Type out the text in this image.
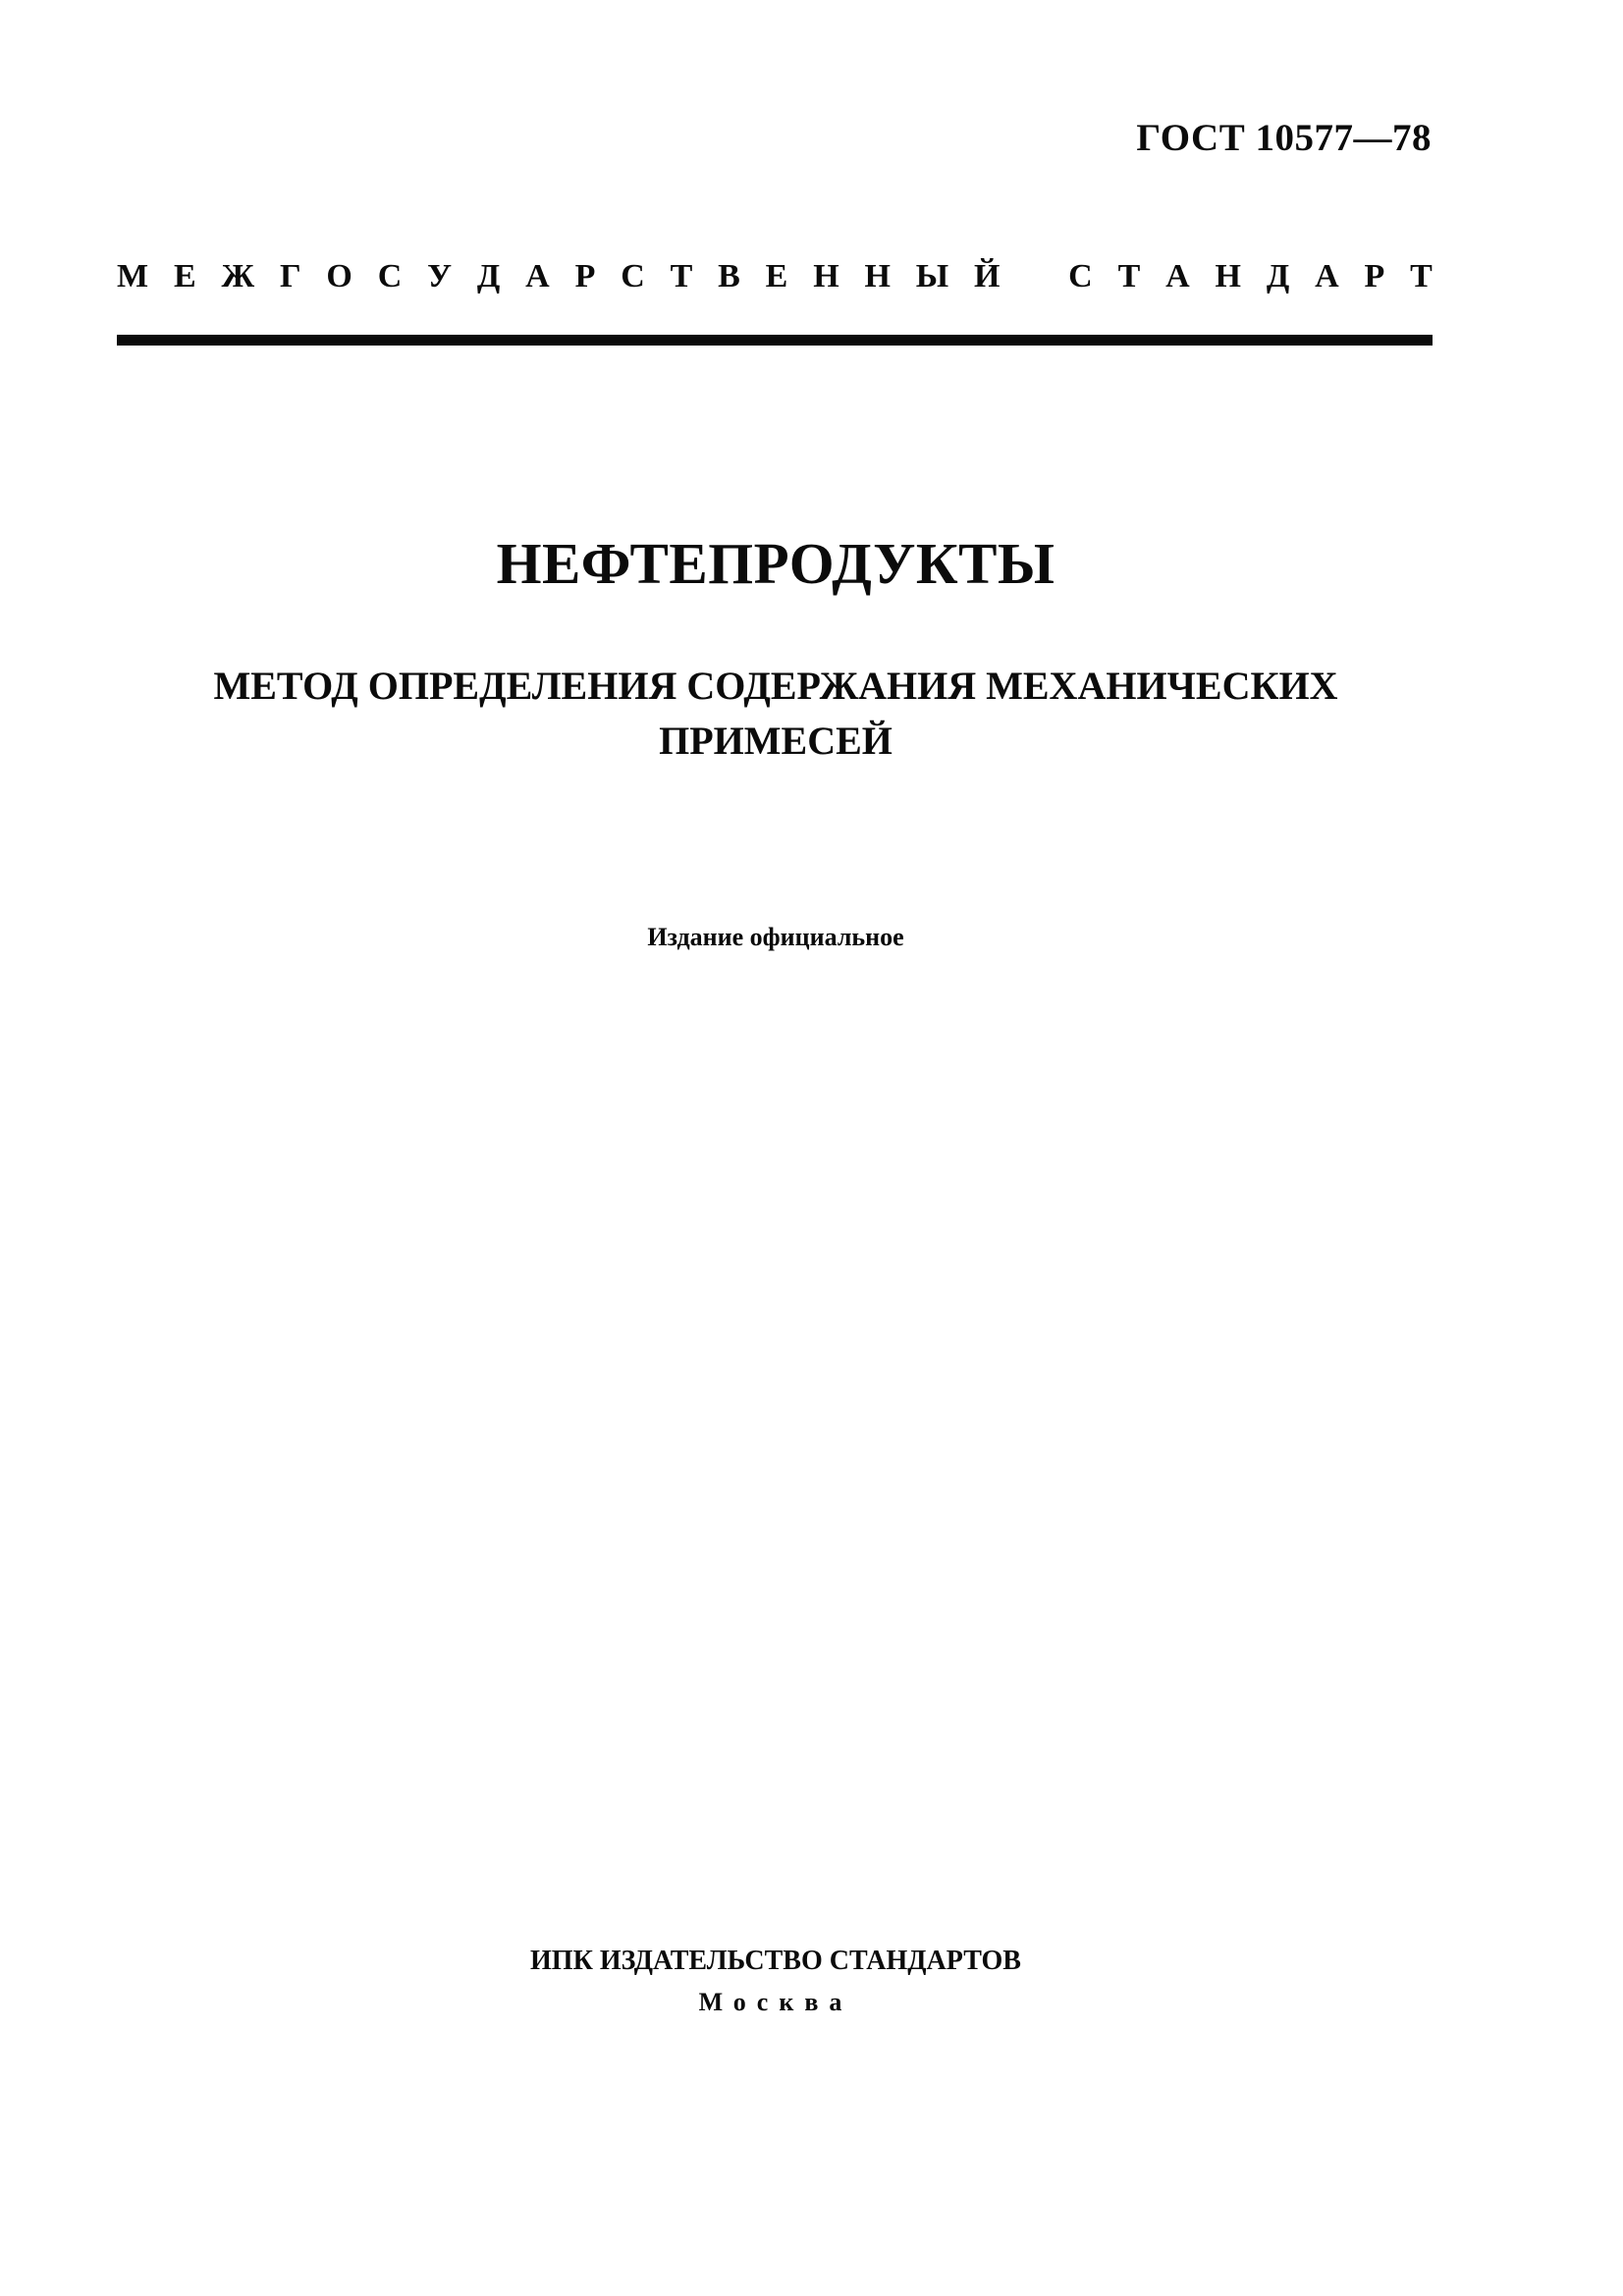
ГОСТ 10577—78
М Е Ж Г О С У Д А Р С Т В Е Н Н Ы Й С Т А Н Д А Р Т
НЕФТЕПРОДУКТЫ
МЕТОД ОПРЕДЕЛЕНИЯ СОДЕРЖАНИЯ МЕХАНИЧЕСКИХ
ПРИМЕСЕЙ
Издание официальное
ИПК ИЗДАТЕЛЬСТВО СТАНДАРТОВ
Москва
